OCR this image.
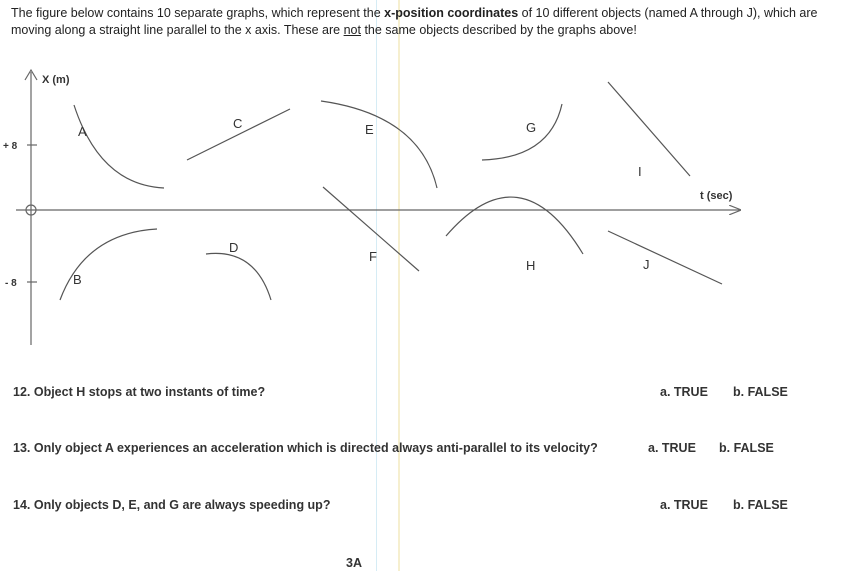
The figure below contains 10 separate graphs, which represent the x-position coordinates of 10 different objects (named A through J), which are moving along a straight line parallel to the x axis. These are not the same objects described by the graphs above!
X (m)
+ 8
- 8
t (sec)
A
B
C
D
E
F
G
H
I
J
12. Object H stops at two instants of time?	a. TRUE b. FALSE
13. Only object A experiences an acceleration which is directed always anti-parallel to its velocity?	a. TRUE b. FALSE
14. Only objects D, E, and G are always speeding up?	a. TRUE b. FALSE
3A
